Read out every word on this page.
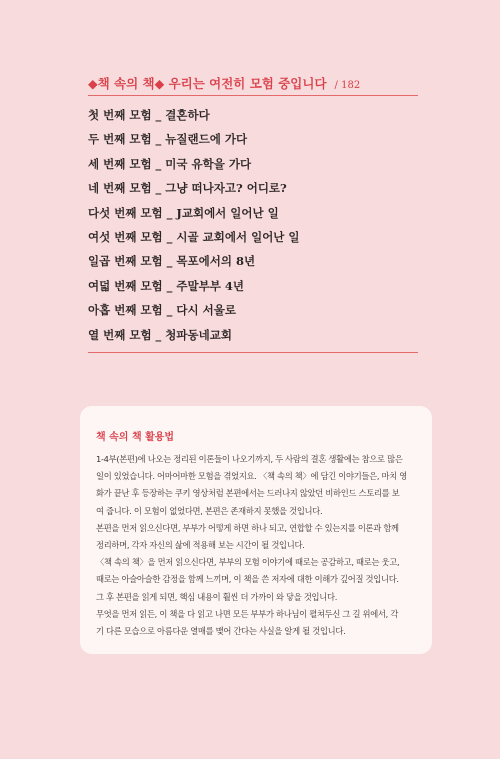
◆책 속의 책◆ 우리는 여전히 모험 중입니다 / 182
첫 번째 모험 _ 결혼하다
두 번째 모험 _ 뉴질랜드에 가다
세 번째 모험 _ 미국 유학을 가다
네 번째 모험 _ 그냥 떠나자고? 어디로?
다섯 번째 모험 _ J교회에서 일어난 일
여섯 번째 모험 _ 시골 교회에서 일어난 일
일곱 번째 모험 _ 목포에서의 8년
여덟 번째 모험 _ 주말부부 4년
아홉 번째 모험 _ 다시 서울로
열 번째 모험 _ 청파동네교회
책 속의 책 활용법

1-4부(본편)에 나오는 정리된 이론들이 나오기까지, 두 사람의 결혼 생활에는 참으로 많은

일이 있었습니다. 어마어마한 모험을 겪었지요. 〈책 속의 책〉에 담긴 이야기들은, 마치 영

화가 끝난 후 등장하는 쿠키 영상처럼 본편에서는 드러나지 않았던 비하인드 스토리를 보

여 줍니다. 이 모험이 없었다면, 본편은 존재하지 못했을 것입니다.

본편을 먼저 읽으신다면, 부부가 어떻게 하면 하나 되고, 연합할 수 있는지를 이론과 함께

정리하며, 각자 자신의 삶에 적용해 보는 시간이 될 것입니다.

〈책 속의 책〉을 먼저 읽으신다면, 부부의 모험 이야기에 때로는 공감하고, 때로는 웃고,

때로는 아슬아슬한 감정을 함께 느끼며, 이 책을 쓴 저자에 대한 이해가 깊어질 것입니다.

그 후 본편을 읽게 되면, 핵심 내용이 훨씬 더 가까이 와 닿을 것입니다.

무엇을 먼저 읽든, 이 책을 다 읽고 나면 모든 부부가 하나님이 펼쳐두신 그 길 위에서, 각

기 다른 모습으로 아름다운 열매를 맺어 간다는 사실을 알게 될 것입니다.
